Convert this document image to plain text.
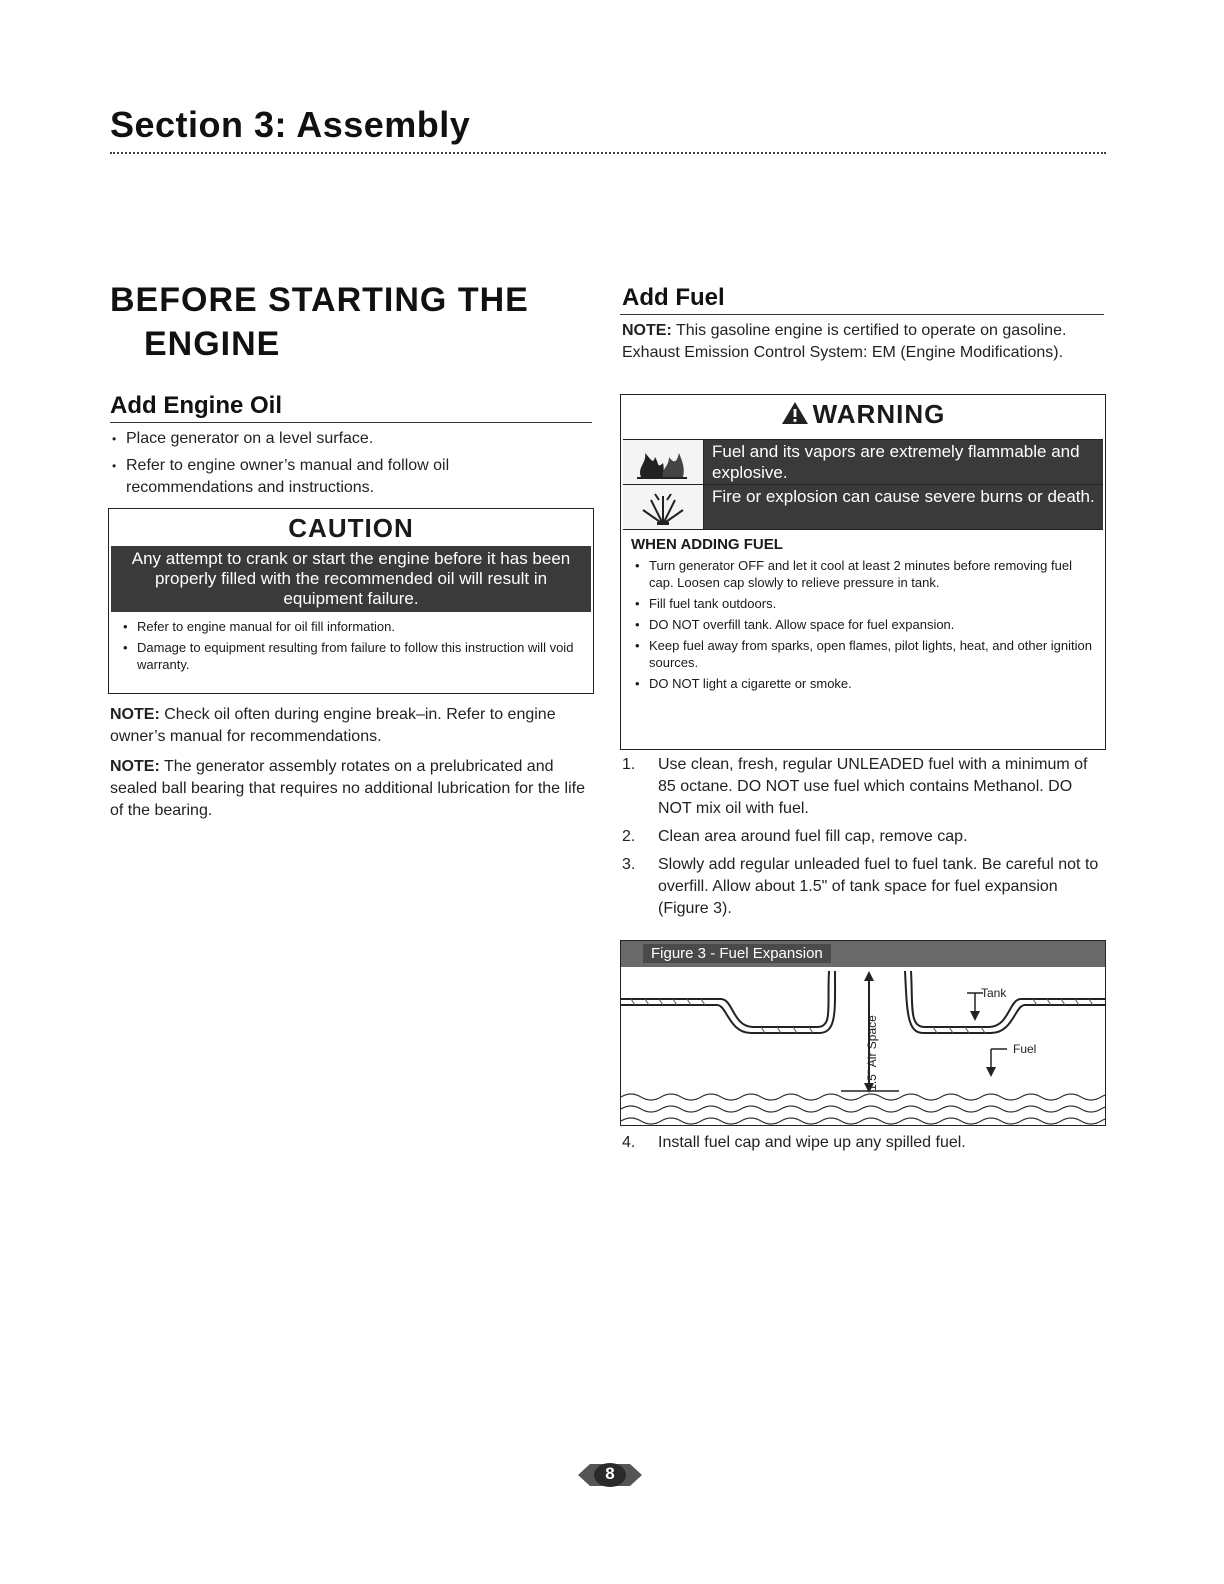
Section 3: Assembly
BEFORE STARTING THE
ENGINE
Add Engine Oil
• Place generator on a level surface.
• Refer to engine owner’s manual and follow oil recommendations and instructions.
CAUTION
Any attempt to crank or start the engine before it has been properly filled with the recommended oil will result in equipment failure.
• Refer to engine manual for oil fill information.
• Damage to equipment resulting from failure to follow this instruction will void warranty.
NOTE: Check oil often during engine break–in. Refer to engine owner’s manual for recommendations.
NOTE: The generator assembly rotates on a prelubricated and sealed ball bearing that requires no additional lubrication for the life of the bearing.
Add Fuel
NOTE: This gasoline engine is certified to operate on gasoline. Exhaust Emission Control System: EM (Engine Modifications).
WARNING
Fuel and its vapors are extremely flammable and explosive.
Fire or explosion can cause severe burns or death.
WHEN ADDING FUEL
• Turn generator OFF and let it cool at least 2 minutes before removing fuel cap. Loosen cap slowly to relieve pressure in tank.
• Fill fuel tank outdoors.
• DO NOT overfill tank. Allow space for fuel expansion.
• Keep fuel away from sparks, open flames, pilot lights, heat, and other ignition sources.
• DO NOT light a cigarette or smoke.
1.	Use clean, fresh, regular UNLEADED fuel with a minimum of 85 octane. DO NOT use fuel which contains Methanol. DO NOT mix oil with fuel.
2.	Clean area around fuel fill cap, remove cap.
3.	Slowly add regular unleaded fuel to fuel tank. Be careful not to overfill. Allow about 1.5" of tank space for fuel expansion (Figure 3).
Figure 3 - Fuel Expansion
1.5" Air Space
Tank
Fuel
4.	Install fuel cap and wipe up any spilled fuel.
8
